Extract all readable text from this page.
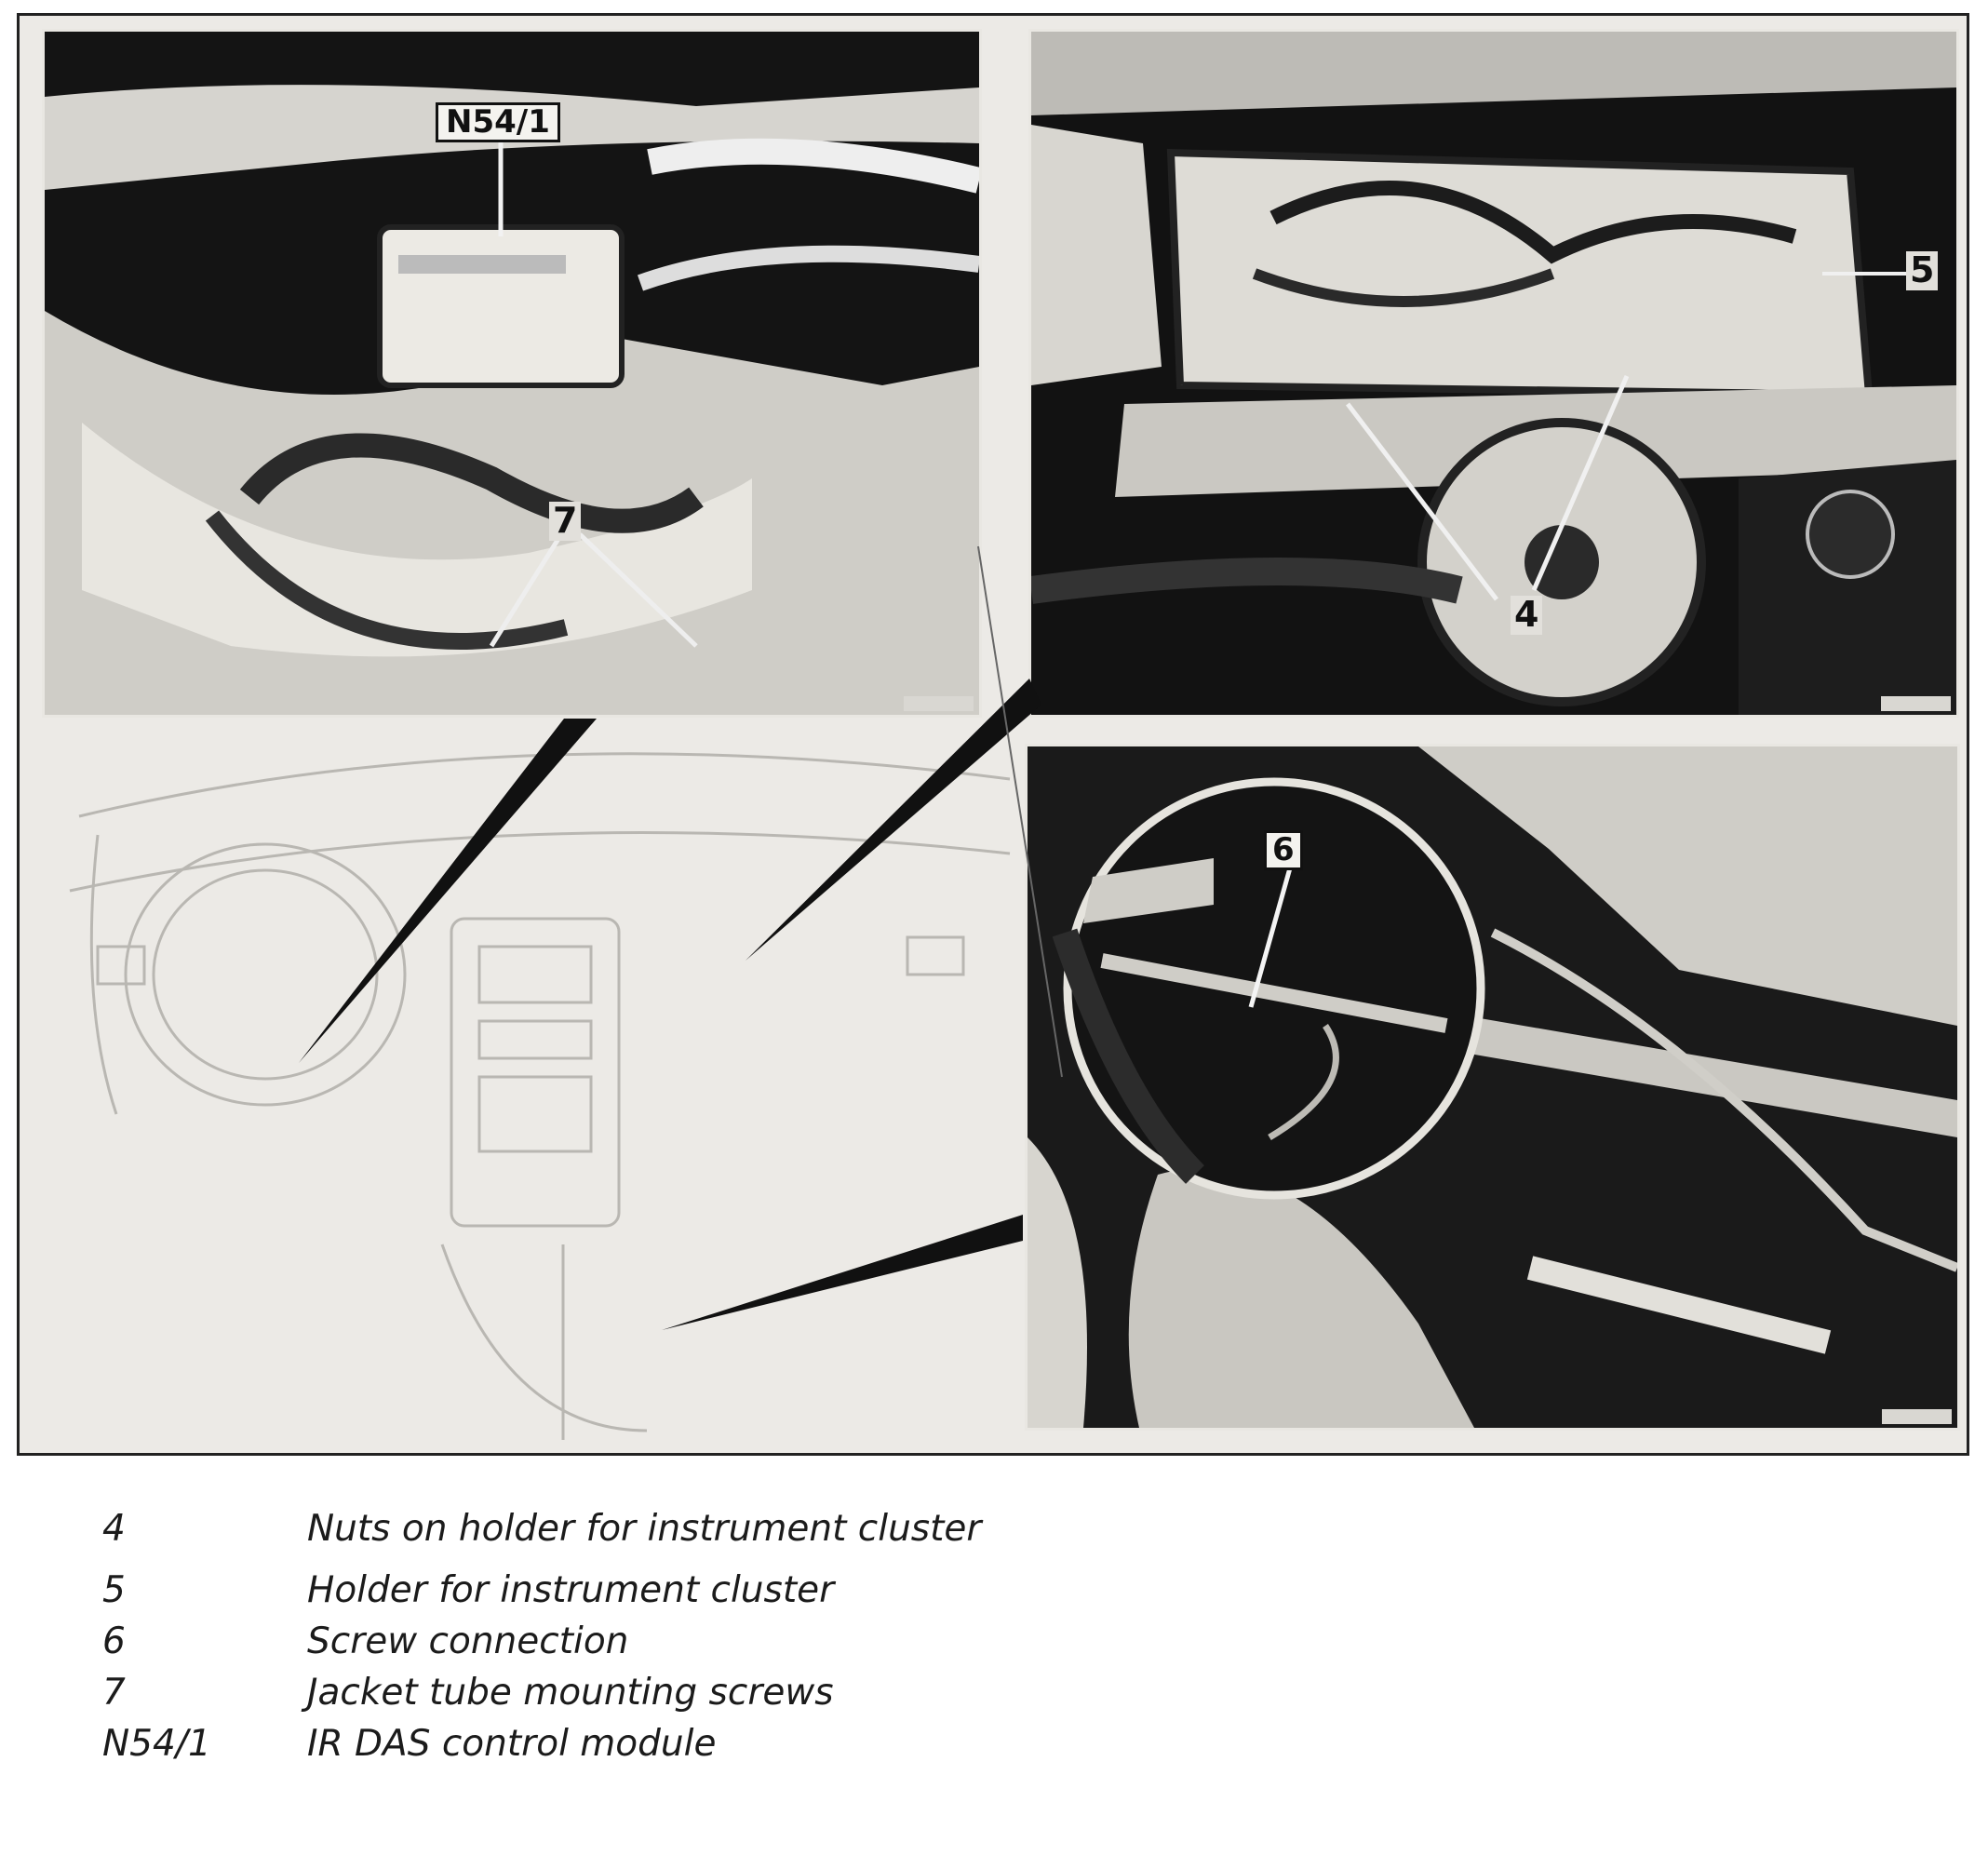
N54/1
7

5
4

6

4	Nuts on holder for instrument cluster
5	Holder for instrument cluster
6	Screw connection
7	Jacket tube mounting screws
N54/1	IR DAS control module
